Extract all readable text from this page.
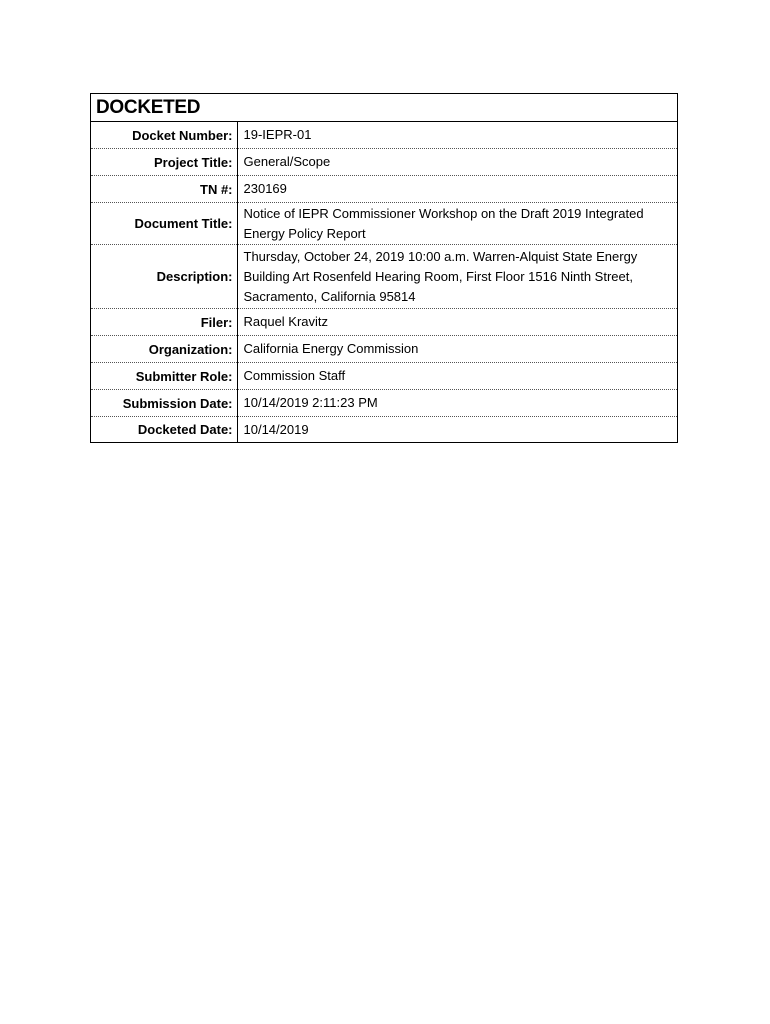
DOCKETED
Docket Number:	19-IEPR-01
Project Title:	General/Scope
TN #:	230169
Document Title:	Notice of IEPR Commissioner Workshop on the Draft 2019 Integrated
Energy Policy Report

Description:	Thursday, October 24, 2019 10:00 a.m. Warren-Alquist State Energy
Building Art Rosenfeld Hearing Room, First Floor 1516 Ninth Street,
Sacramento, California 95814

Filer:	Raquel Kravitz
Organization:	California Energy Commission
Submitter Role:	Commission Staff
Submission Date:	10/14/2019 2:11:23 PM
Docketed Date:	10/14/2019
